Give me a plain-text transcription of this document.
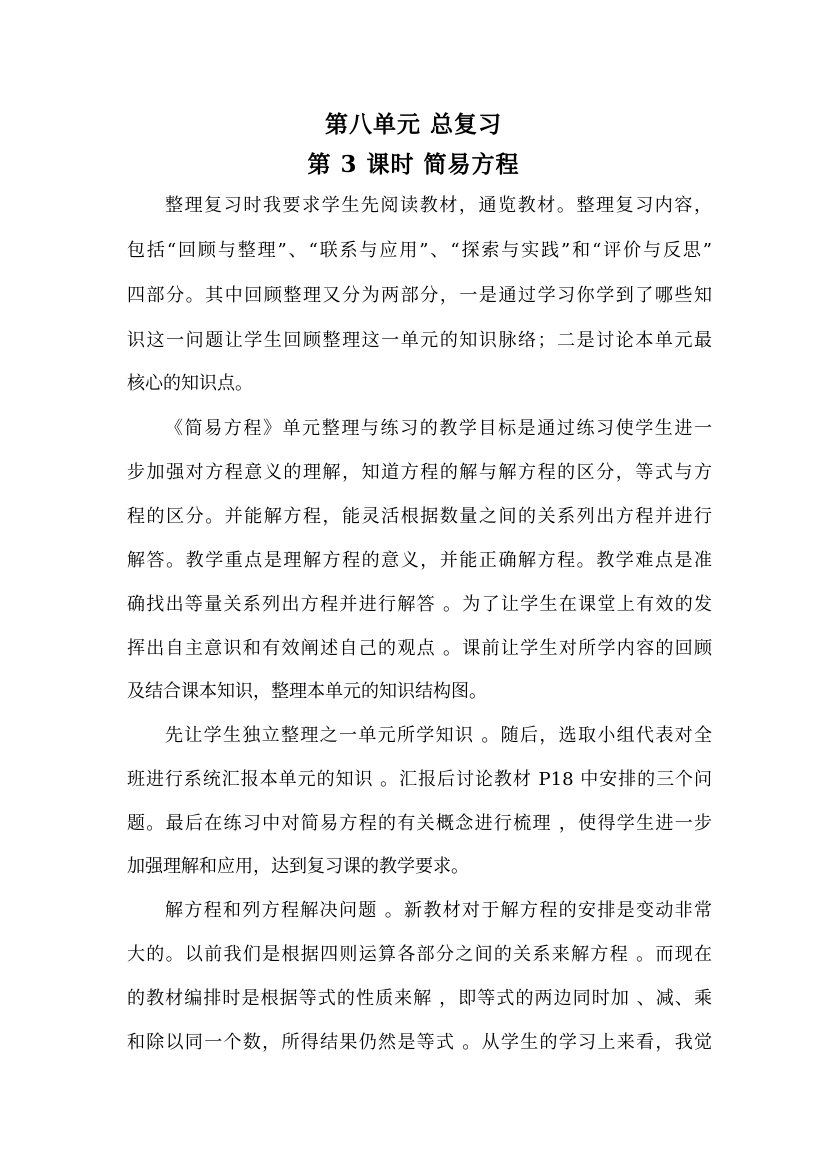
第八单元 总复习
第 3 课时 简易方程
整理复习时我要求学生先阅读教材，通览教材。整理复习内容，
包括“回顾与整理”、“联系与应用”、“探索与实践”和“评价与反思”
四部分。其中回顾整理又分为两部分，一是通过学习你学到了哪些知
识这一问题让学生回顾整理这一单元的知识脉络；二是讨论本单元最
核心的知识点。
《简易方程》单元整理与练习的教学目标是通过练习使学生进一
步加强对方程意义的理解，知道方程的解与解方程的区分，等式与方
程的区分。并能解方程，能灵活根据数量之间的关系列出方程并进行
解答。教学重点是理解方程的意义，并能正确解方程。教学难点是准
确找出等量关系列出方程并进行解答 。为了让学生在课堂上有效的发
挥出自主意识和有效阐述自己的观点 。课前让学生对所学内容的回顾
及结合课本知识，整理本单元的知识结构图。
先让学生独立整理之一单元所学知识 。随后，选取小组代表对全
班进行系统汇报本单元的知识 。汇报后讨论教材 P18 中安排的三个问
题。最后在练习中对简易方程的有关概念进行梳理 ，使得学生进一步
加强理解和应用，达到复习课的教学要求。
解方程和列方程解决问题 。新教材对于解方程的安排是变动非常
大的。以前我们是根据四则运算各部分之间的关系来解方程 。而现在
的教材编排时是根据等式的性质来解 ，即等式的两边同时加 、减、乘
和除以同一个数，所得结果仍然是等式 。从学生的学习上来看，我觉
